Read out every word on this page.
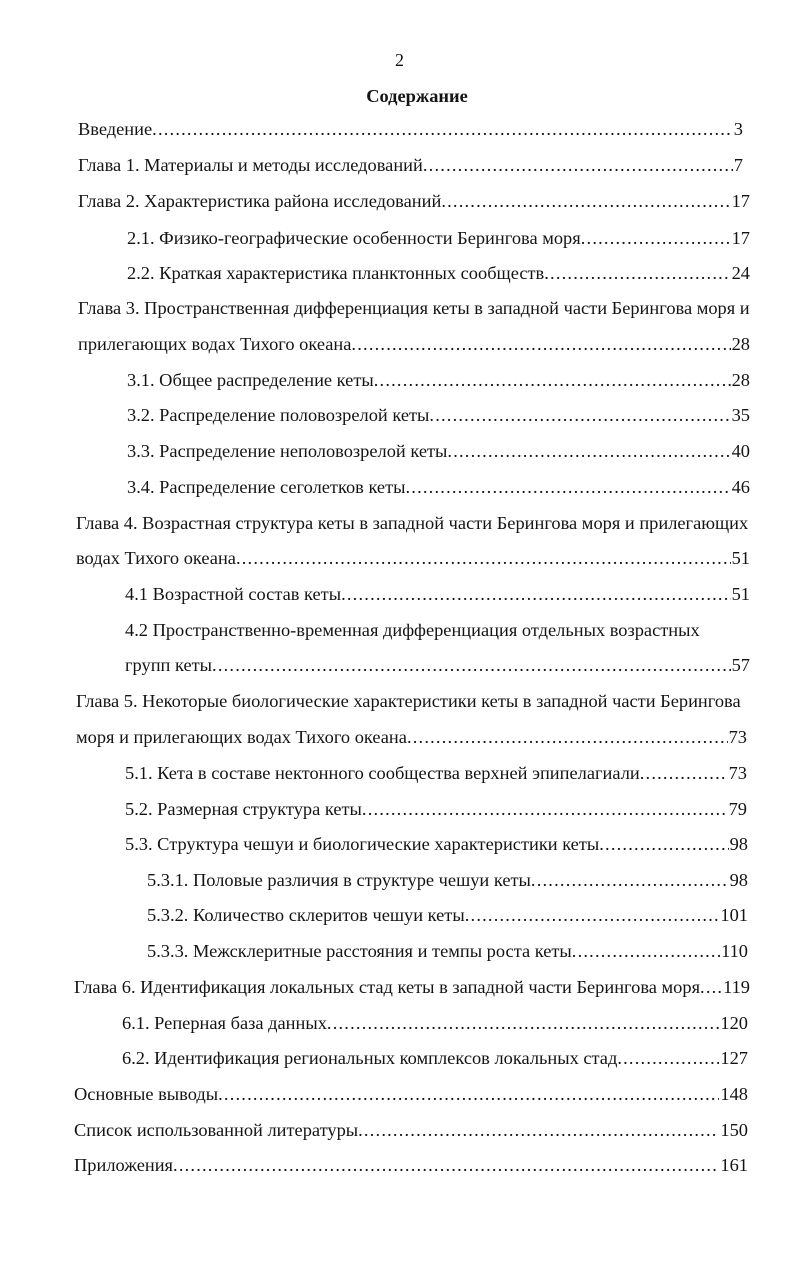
2
Содержание
Введение .....	3
Глава 1. Материалы и методы исследований .....	7
Глава 2. Характеристика района исследований .....	17
2.1. Физико-географические особенности Берингова моря .....	17
2.2. Краткая характеристика планктонных сообществ .....	24
Глава 3. Пространственная дифференциация кеты в западной части Берингова моря и
прилегающих водах Тихого океана .....	28
3.1. Общее распределение кеты .....	28
3.2. Распределение половозрелой кеты .....	35
3.3. Распределение неполовозрелой кеты .....	40
3.4. Распределение сеголетков кеты .....	46
Глава 4. Возрастная структура кеты в западной части Берингова моря и прилегающих
водах Тихого океана .....	51
4.1 Возрастной состав кеты .....	51
4.2 Пространственно-временная дифференциация отдельных возрастных
групп кеты .....	57
Глава 5. Некоторые биологические характеристики кеты в западной части Берингова
моря и прилегающих водах Тихого океана .....	73
5.1. Кета в составе нектонного сообщества верхней эпипелагиали .....	73
5.2. Размерная структура кеты .....	79
5.3. Структура чешуи и биологические характеристики кеты .....	98
5.3.1. Половые различия в структуре чешуи кеты .....	98
5.3.2. Количество склеритов чешуи кеты .....	101
5.3.3. Межсклеритные расстояния и темпы роста кеты .....	110
Глава 6. Идентификация локальных стад кеты в западной части Берингова моря ..... 119
6.1. Реперная база данных .....	120
6.2. Идентификация региональных комплексов локальных стад .....	127
Основные выводы .....	148
Список использованной литературы .....	150
Приложения .....	161
